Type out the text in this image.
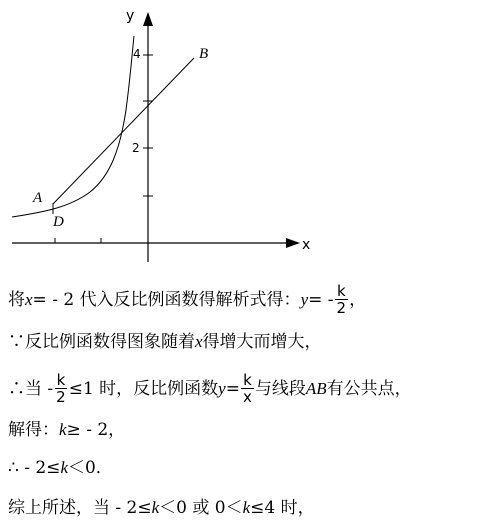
4
2
y
x
A
D
B
将 x = - 2 代入反比例函数得解析式得： y = - $\frac{k}{2}$ ，
∵反比例函数得图象随着 x 得增大而增大，
∴当 - $\frac{k}{2} \le 1$ 时，反比例函数 $y = \frac{k}{x}$ 与线段 AB 有公共点，
解得： k ≥ - 2，
∴ - 2≤ k ＜0．
综上所述，当 - 2≤ k ＜0 或 0＜ k ≤4 时，
